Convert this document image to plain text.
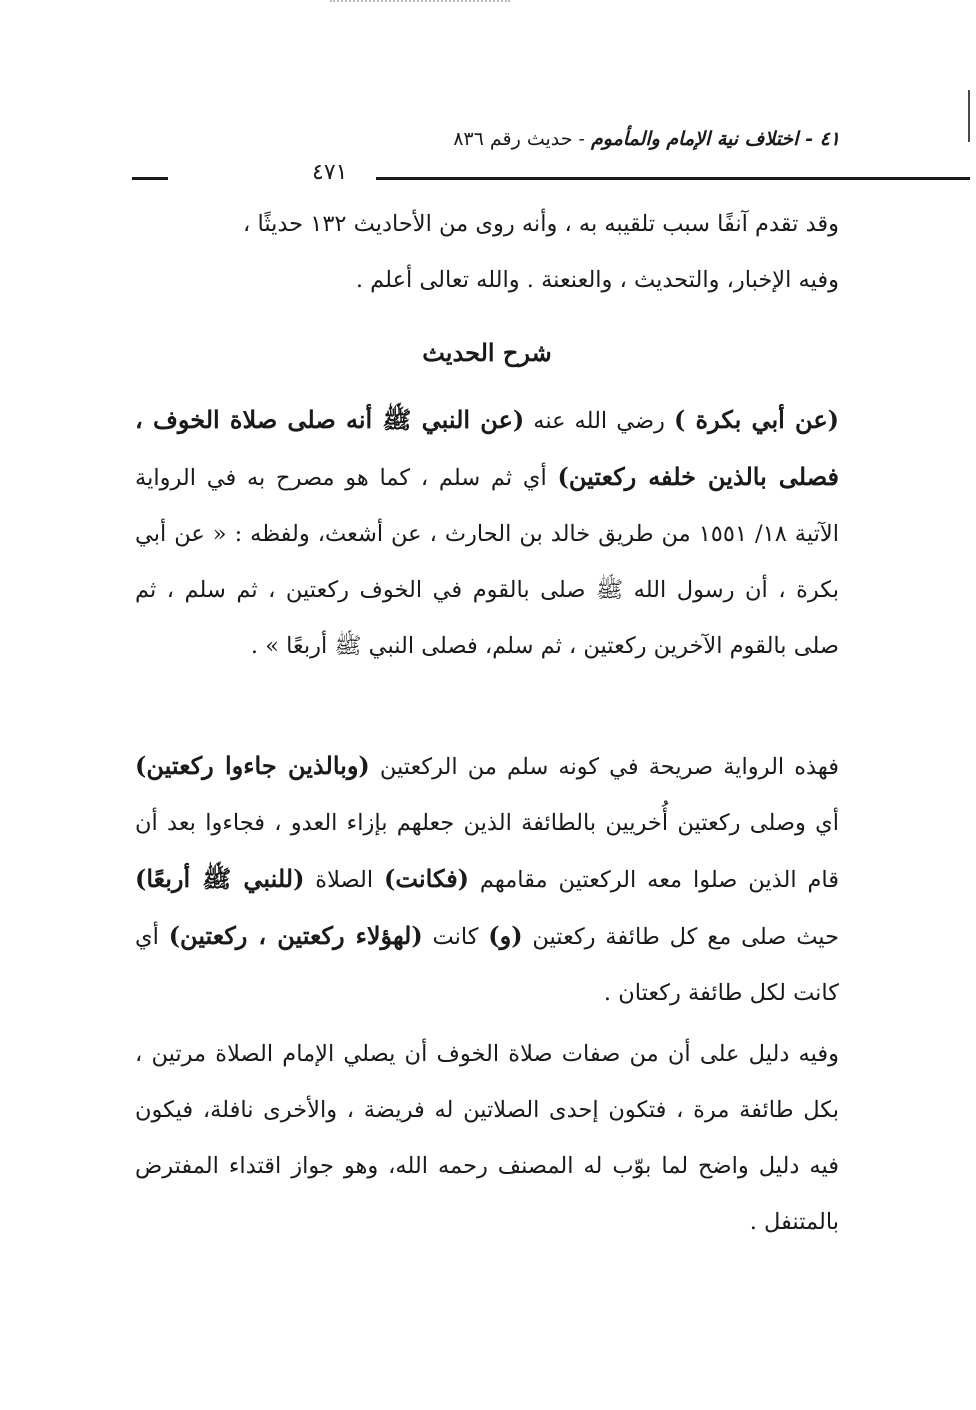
٤١ - اختلاف نية الإمام والمأموم - حديث رقم ٨٣٦
٤٧١

وقد تقدم آنفًا سبب تلقيبه به ، وأنه روى من الأحاديث ١٣٢ حديثًا ،

وفيه الإخبار، والتحديث ، والعنعنة . والله تعالى أعلم .

شرح الحديث

(عن أبي بكرة ) رضي الله عنه (عن النبي ﷺ أنه صلى صلاة الخوف ، فصلى بالذين خلفه ركعتين) أي ثم سلم ، كما هو مصرح به في الرواية الآتية ١٨/ ١٥٥١ من طريق خالد بن الحارث ، عن أشعث، ولفظه : « عن أبي بكرة ، أن رسول الله ﷺ صلى بالقوم في الخوف ركعتين ، ثم سلم ، ثم صلى بالقوم الآخرين ركعتين ، ثم سلم، فصلى النبي ﷺ أربعًا » .

فهذه الرواية صريحة في كونه سلم من الركعتين (وبالذين جاءوا ركعتين) أي وصلى ركعتين أُخريين بالطائفة الذين جعلهم بإزاء العدو ، فجاءوا بعد أن قام الذين صلوا معه الركعتين مقامهم (فكانت) الصلاة (للنبي ﷺ أربعًا) حيث صلى مع كل طائفة ركعتين (و) كانت (لهؤلاء ركعتين ، ركعتين) أي كانت لكل طائفة ركعتان .

وفيه دليل على أن من صفات صلاة الخوف أن يصلي الإمام الصلاة مرتين ، بكل طائفة مرة ، فتكون إحدى الصلاتين له فريضة ، والأخرى نافلة، فيكون فيه دليل واضح لما بوّب له المصنف رحمه الله، وهو جواز اقتداء المفترض بالمتنفل .
